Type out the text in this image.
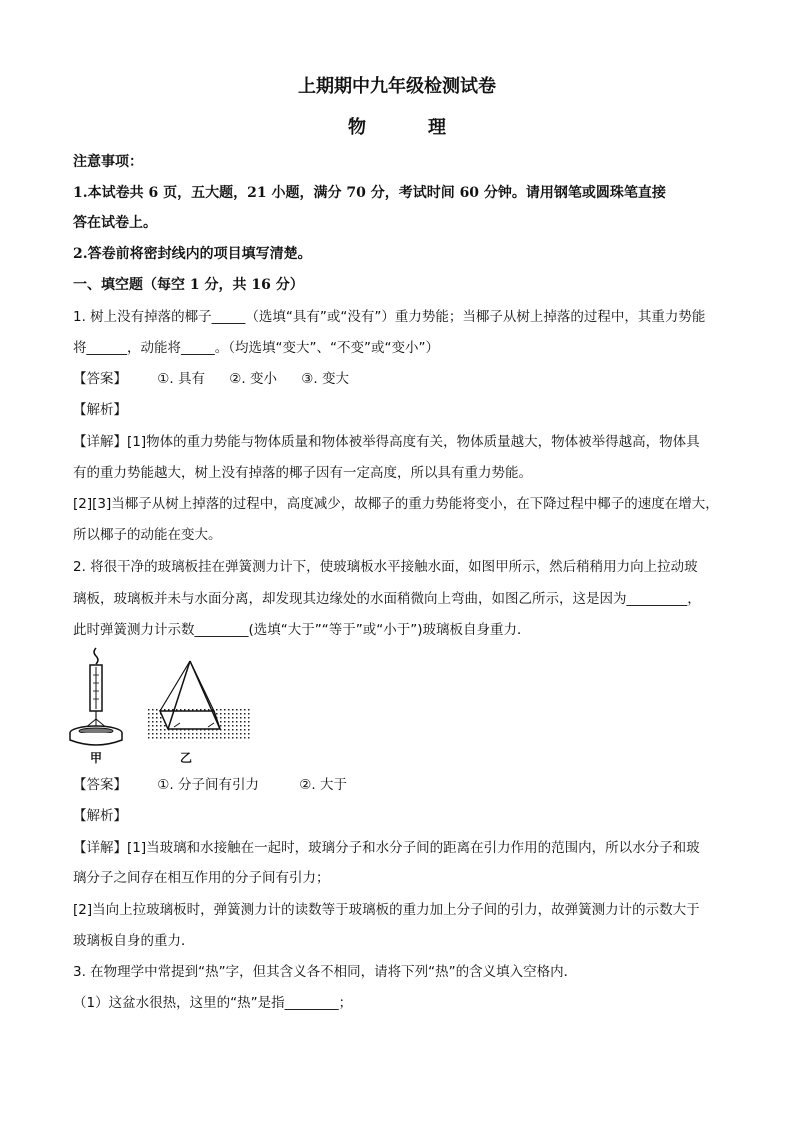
上期期中九年级检测试卷
物　理
注意事项：
1.本试卷共 6 页，五大题，21 小题，满分 70 分，考试时间 60 分钟。请用钢笔或圆珠笔直接
答在试卷上。
2.答卷前将密封线内的项目填写清楚。
一、填空题（每空 1 分，共 16 分）
1. 树上没有掉落的椰子_____（选填“具有”或“没有”）重力势能；当椰子从树上掉落的过程中，其重力势能
将______，动能将_____。（均选填“变大”、“不变”或“变小”）
【答案】 ①. 具有 ②. 变小 ③. 变大
【解析】
【详解】[1]物体的重力势能与物体质量和物体被举得高度有关，物体质量越大，物体被举得越高，物体具
有的重力势能越大，树上没有掉落的椰子因有一定高度，所以具有重力势能。
[2][3]当椰子从树上掉落的过程中，高度减少，故椰子的重力势能将变小，在下降过程中椰子的速度在增大，
所以椰子的动能在变大。
2. 将很干净的玻璃板挂在弹簧测力计下，使玻璃板水平接触水面，如图甲所示，然后稍稍用力向上拉动玻
璃板，玻璃板并未与水面分离，却发现其边缘处的水面稍微向上弯曲，如图乙所示，这是因为_________，
此时弹簧测力计示数________(选填“大于”“等于”或“小于”)玻璃板自身重力．
甲	乙
【答案】 ①. 分子间有引力	②. 大于
【解析】
【详解】[1]当玻璃和水接触在一起时，玻璃分子和水分子间的距离在引力作用的范围内，所以水分子和玻
璃分子之间存在相互作用的分子间有引力；
[2]当向上拉玻璃板时，弹簧测力计的读数等于玻璃板的重力加上分子间的引力，故弹簧测力计的示数大于
玻璃板自身的重力．
3. 在物理学中常提到“热”字，但其含义各不相同，请将下列“热”的含义填入空格内．
（1）这盆水很热，这里的“热”是指________；
